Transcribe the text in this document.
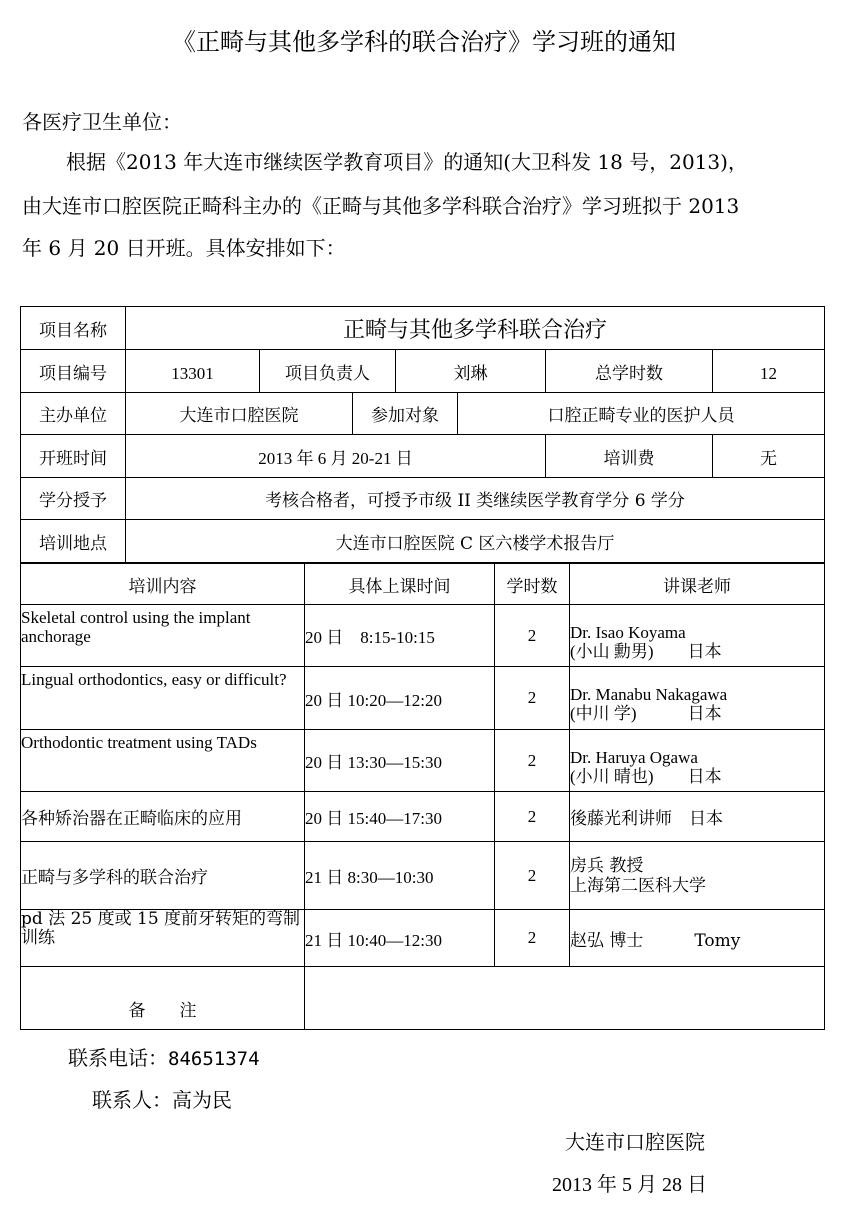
《正畸与其他多学科的联合治疗》学习班的通知
各医疗卫生单位：
根据《2013 年大连市继续医学教育项目》的通知(大卫科发 18 号，2013)，
由大连市口腔医院正畸科主办的《正畸与其他多学科联合治疗》学习班拟于 2013
年 6 月 20 日开班。具体安排如下：
项目名称	正畸与其他多学科联合治疗						
项目编号	13301	项目负责人		刘琳		总学时数	12
主办单位	大连市口腔医院		参加对象		口腔正畸专业的医护人员		
开班时间	2013 年 6 月 20-21 日					培训费	无
学分授予	考核合格者，可授予市级 II 类继续医学教育学分 6 学分						
培训地点	大连市口腔医院 C 区六楼学术报告厅						
培训内容	具体上课时间	学时数	讲课老师

Skeletal control using the implant anchorage	20 日　8:15-10:15	2	Dr. Isao Koyama
(小山 勳男)　　日本

Lingual orthodontics, easy or difficult?	20 日 10:20—12:20	2	Dr. Manabu Nakagawa
(中川 学)　　　日本

Orthodontic treatment using TADs	20 日 13:30—15:30	2	Dr. Haruya Ogawa
(小川 晴也)　　日本

各种矫治器在正畸临床的应用	20 日 15:40—17:30	2	後藤光利讲师　日本

正畸与多学科的联合治疗	21 日 8:30—10:30	2	房兵 教授
上海第二医科大学

pd 法 25 度或 15 度前牙转矩的弯制训练	21 日 10:40—12:30	2	赵弘 博士　　　Tomy

备　　注			
联系电话：84651374
联系人：高为民
大连市口腔医院
2013 年 5 月 28 日
